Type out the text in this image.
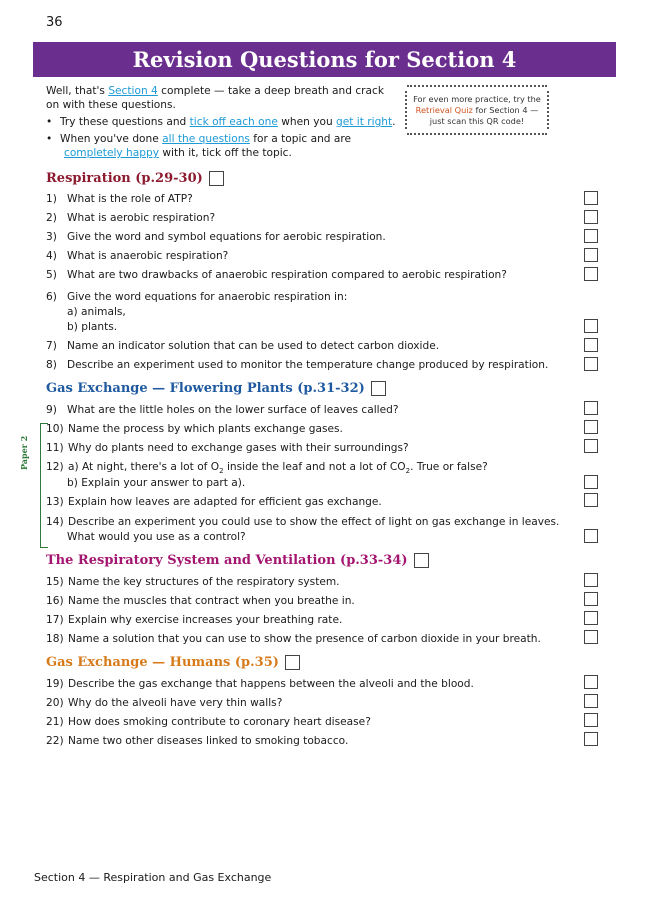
36
Revision Questions for Section 4
Well, that's Section 4 complete — take a deep breath and crack
on with these questions.
• Try these questions and tick off each one when you get it right.
• When you've done all the questions for a topic and are
completely happy with it, tick off the topic.
For even more practice, try the
Retrieval Quiz for Section 4 —
just scan this QR code!
Respiration (p.29-30)
1) What is the role of ATP?
2) What is aerobic respiration?
3) Give the word and symbol equations for aerobic respiration.
4) What is anaerobic respiration?
5) What are two drawbacks of anaerobic respiration compared to aerobic respiration?
6) Give the word equations for anaerobic respiration in:
a) animals,
b) plants.
7) Name an indicator solution that can be used to detect carbon dioxide.
8) Describe an experiment used to monitor the temperature change produced by respiration.
Gas Exchange — Flowering Plants (p.31-32)
9) What are the little holes on the lower surface of leaves called?
Paper 2
10) Name the process by which plants exchange gases.
11) Why do plants need to exchange gases with their surroundings?
12) a) At night, there's a lot of $O_2$ inside the leaf and not a lot of $CO_2$. True or false?
b) Explain your answer to part a).
13) Explain how leaves are adapted for efficient gas exchange.
14) Describe an experiment you could use to show the effect of light on gas exchange in leaves.
What would you use as a control?
The Respiratory System and Ventilation (p.33-34)
15) Name the key structures of the respiratory system.
16) Name the muscles that contract when you breathe in.
17) Explain why exercise increases your breathing rate.
18) Name a solution that you can use to show the presence of carbon dioxide in your breath.
Gas Exchange — Humans (p.35)
19) Describe the gas exchange that happens between the alveoli and the blood.
20) Why do the alveoli have very thin walls?
21) How does smoking contribute to coronary heart disease?
22) Name two other diseases linked to smoking tobacco.
Section 4 — Respiration and Gas Exchange
